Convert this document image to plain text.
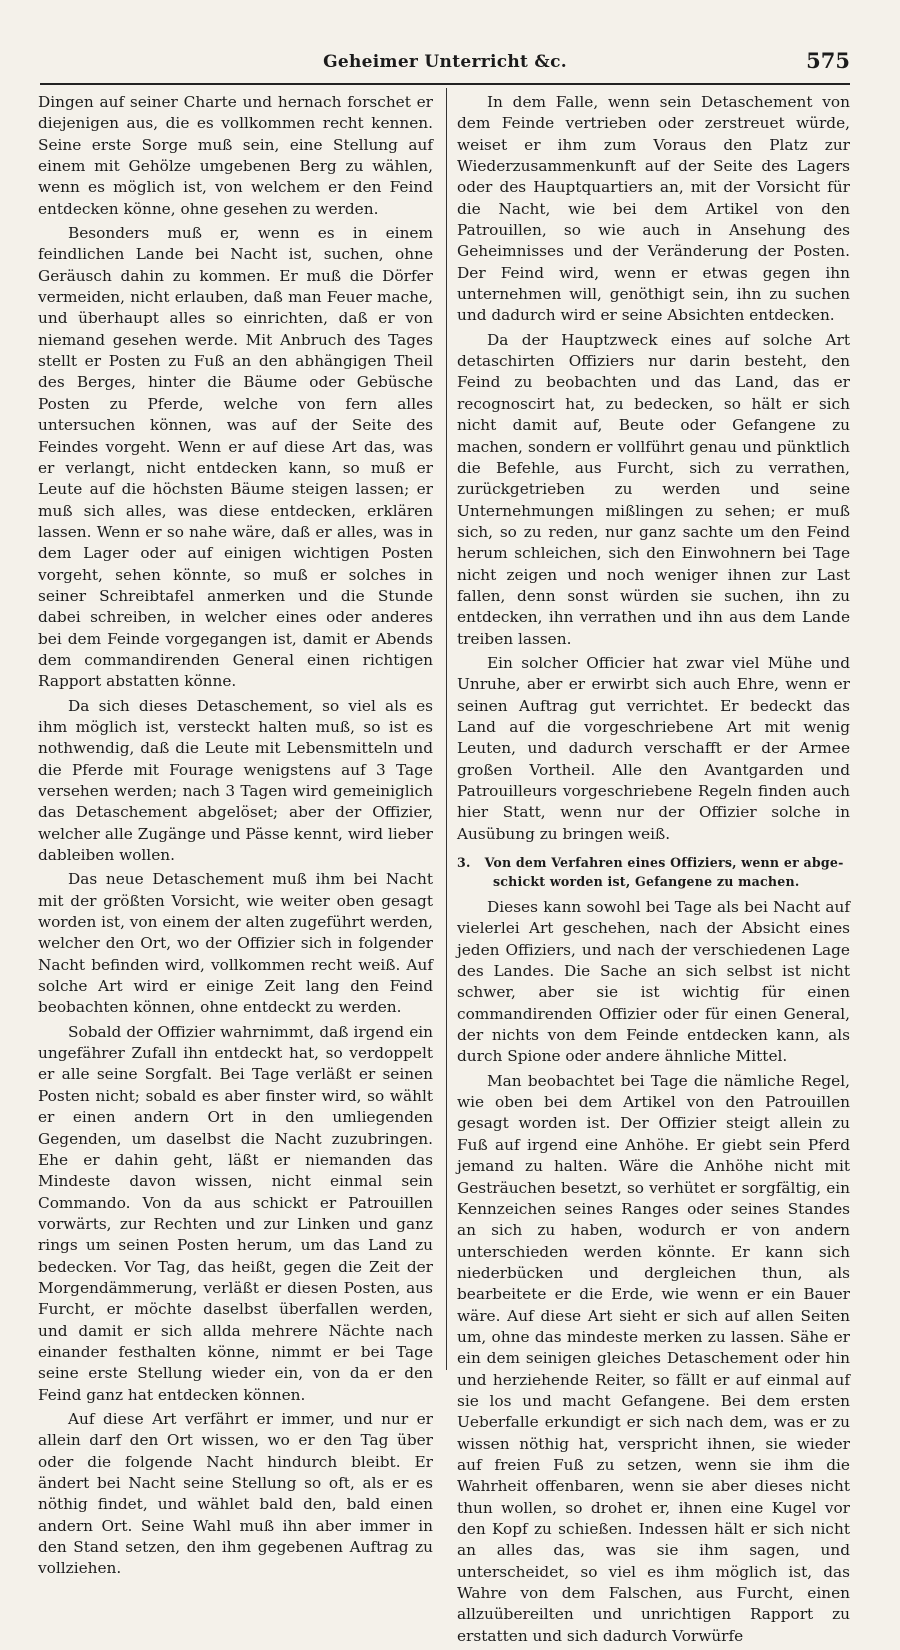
Geheimer Unterricht &c.	575

Dingen auf seiner Charte und hernach forschet er diejenigen aus, die es vollkommen recht kennen. Seine erste Sorge muß sein, eine Stellung auf einem mit Gehölze umgebenen Berg zu wählen, wenn es möglich ist, von welchem er den Feind entdecken könne, ohne gesehen zu werden.

Besonders muß er, wenn es in einem feindlichen Lande bei Nacht ist, suchen, ohne Geräusch dahin zu kommen. Er muß die Dörfer vermeiden, nicht erlauben, daß man Feuer mache, und überhaupt alles so einrichten, daß er von niemand gesehen werde. Mit Anbruch des Tages stellt er Posten zu Fuß an den abhängigen Theil des Berges, hinter die Bäume oder Gebüsche Posten zu Pferde, welche von fern alles untersuchen können, was auf der Seite des Feindes vorgeht. Wenn er auf diese Art das, was er verlangt, nicht entdecken kann, so muß er Leute auf die höchsten Bäume steigen lassen; er muß sich alles, was diese entdecken, erklären lassen. Wenn er so nahe wäre, daß er alles, was in dem Lager oder auf einigen wichtigen Posten vorgeht, sehen könnte, so muß er solches in seiner Schreibtafel anmerken und die Stunde dabei schreiben, in welcher eines oder anderes bei dem Feinde vorgegangen ist, damit er Abends dem commandirenden General einen richtigen Rapport abstatten könne.

Da sich dieses Detaschement, so viel als es ihm möglich ist, versteckt halten muß, so ist es nothwendig, daß die Leute mit Lebensmitteln und die Pferde mit Fourage wenigstens auf 3 Tage versehen werden; nach 3 Tagen wird gemeiniglich das Detaschement abgelöset; aber der Offizier, welcher alle Zugänge und Pässe kennt, wird lieber dableiben wollen.

Das neue Detaschement muß ihm bei Nacht mit der größten Vorsicht, wie weiter oben gesagt worden ist, von einem der alten zugeführt werden, welcher den Ort, wo der Offizier sich in folgender Nacht befinden wird, vollkommen recht weiß. Auf solche Art wird er einige Zeit lang den Feind beobachten können, ohne entdeckt zu werden.

Sobald der Offizier wahrnimmt, daß irgend ein ungefährer Zufall ihn entdeckt hat, so verdoppelt er alle seine Sorgfalt. Bei Tage verläßt er seinen Posten nicht; sobald es aber finster wird, so wählt er einen andern Ort in den umliegenden Gegenden, um daselbst die Nacht zuzubringen. Ehe er dahin geht, läßt er niemanden das Mindeste davon wissen, nicht einmal sein Commando. Von da aus schickt er Patrouillen vorwärts, zur Rechten und zur Linken und ganz rings um seinen Posten herum, um das Land zu bedecken. Vor Tag, das heißt, gegen die Zeit der Morgendämmerung, verläßt er diesen Posten, aus Furcht, er möchte daselbst überfallen werden, und damit er sich allda mehrere Nächte nach einander festhalten könne, nimmt er bei Tage seine erste Stellung wieder ein, von da er den Feind ganz hat entdecken können.

Auf diese Art verfährt er immer, und nur er allein darf den Ort wissen, wo er den Tag über oder die folgende Nacht hindurch bleibt. Er ändert bei Nacht seine Stellung so oft, als er es nöthig findet, und wählet bald den, bald einen andern Ort. Seine Wahl muß ihn aber immer in den Stand setzen, den ihm gegebenen Auftrag zu vollziehen.

In dem Falle, wenn sein Detaschement von dem Feinde vertrieben oder zerstreuet würde, weiset er ihm zum Voraus den Platz zur Wiederzusammenkunft auf der Seite des Lagers oder des Hauptquartiers an, mit der Vorsicht für die Nacht, wie bei dem Artikel von den Patrouillen, so wie auch in Ansehung des Geheimnisses und der Veränderung der Posten. Der Feind wird, wenn er etwas gegen ihn unternehmen will, genöthigt sein, ihn zu suchen und dadurch wird er seine Absichten entdecken.

Da der Hauptzweck eines auf solche Art detaschirten Offiziers nur darin besteht, den Feind zu beobachten und das Land, das er recognoscirt hat, zu bedecken, so hält er sich nicht damit auf, Beute oder Gefangene zu machen, sondern er vollführt genau und pünktlich die Befehle, aus Furcht, sich zu verrathen, zurückgetrieben zu werden und seine Unternehmungen mißlingen zu sehen; er muß sich, so zu reden, nur ganz sachte um den Feind herum schleichen, sich den Einwohnern bei Tage nicht zeigen und noch weniger ihnen zur Last fallen, denn sonst würden sie suchen, ihn zu entdecken, ihn verrathen und ihn aus dem Lande treiben lassen.

Ein solcher Officier hat zwar viel Mühe und Unruhe, aber er erwirbt sich auch Ehre, wenn er seinen Auftrag gut verrichtet. Er bedeckt das Land auf die vorgeschriebene Art mit wenig Leuten, und dadurch verschafft er der Armee großen Vortheil. Alle den Avantgarden und Patrouilleurs vorgeschriebene Regeln finden auch hier Statt, wenn nur der Offizier solche in Ausübung zu bringen weiß.

3. Von dem Verfahren eines Offiziers, wenn er abge-
schickt worden ist, Gefangene zu machen.

Dieses kann sowohl bei Tage als bei Nacht auf vielerlei Art geschehen, nach der Absicht eines jeden Offiziers, und nach der verschiedenen Lage des Landes. Die Sache an sich selbst ist nicht schwer, aber sie ist wichtig für einen commandirenden Offizier oder für einen General, der nichts von dem Feinde entdecken kann, als durch Spione oder andere ähnliche Mittel.

Man beobachtet bei Tage die nämliche Regel, wie oben bei dem Artikel von den Patrouillen gesagt worden ist. Der Offizier steigt allein zu Fuß auf irgend eine Anhöhe. Er giebt sein Pferd jemand zu halten. Wäre die Anhöhe nicht mit Gesträuchen besetzt, so verhütet er sorgfältig, ein Kennzeichen seines Ranges oder seines Standes an sich zu haben, wodurch er von andern unterschieden werden könnte. Er kann sich niederbücken und dergleichen thun, als bearbeitete er die Erde, wie wenn er ein Bauer wäre. Auf diese Art sieht er sich auf allen Seiten um, ohne das mindeste merken zu lassen. Sähe er ein dem seinigen gleiches Detaschement oder hin und herziehende Reiter, so fällt er auf einmal auf sie los und macht Gefangene. Bei dem ersten Ueberfalle erkundigt er sich nach dem, was er zu wissen nöthig hat, verspricht ihnen, sie wieder auf freien Fuß zu setzen, wenn sie ihm die Wahrheit offenbaren, wenn sie aber dieses nicht thun wollen, so drohet er, ihnen eine Kugel vor den Kopf zu schießen. Indessen hält er sich nicht an alles das, was sie ihm sagen, und unterscheidet, so viel es ihm möglich ist, das Wahre von dem Falschen, aus Furcht, einen allzuübereilten und unrichtigen Rapport zu erstatten und sich dadurch Vorwürfe
